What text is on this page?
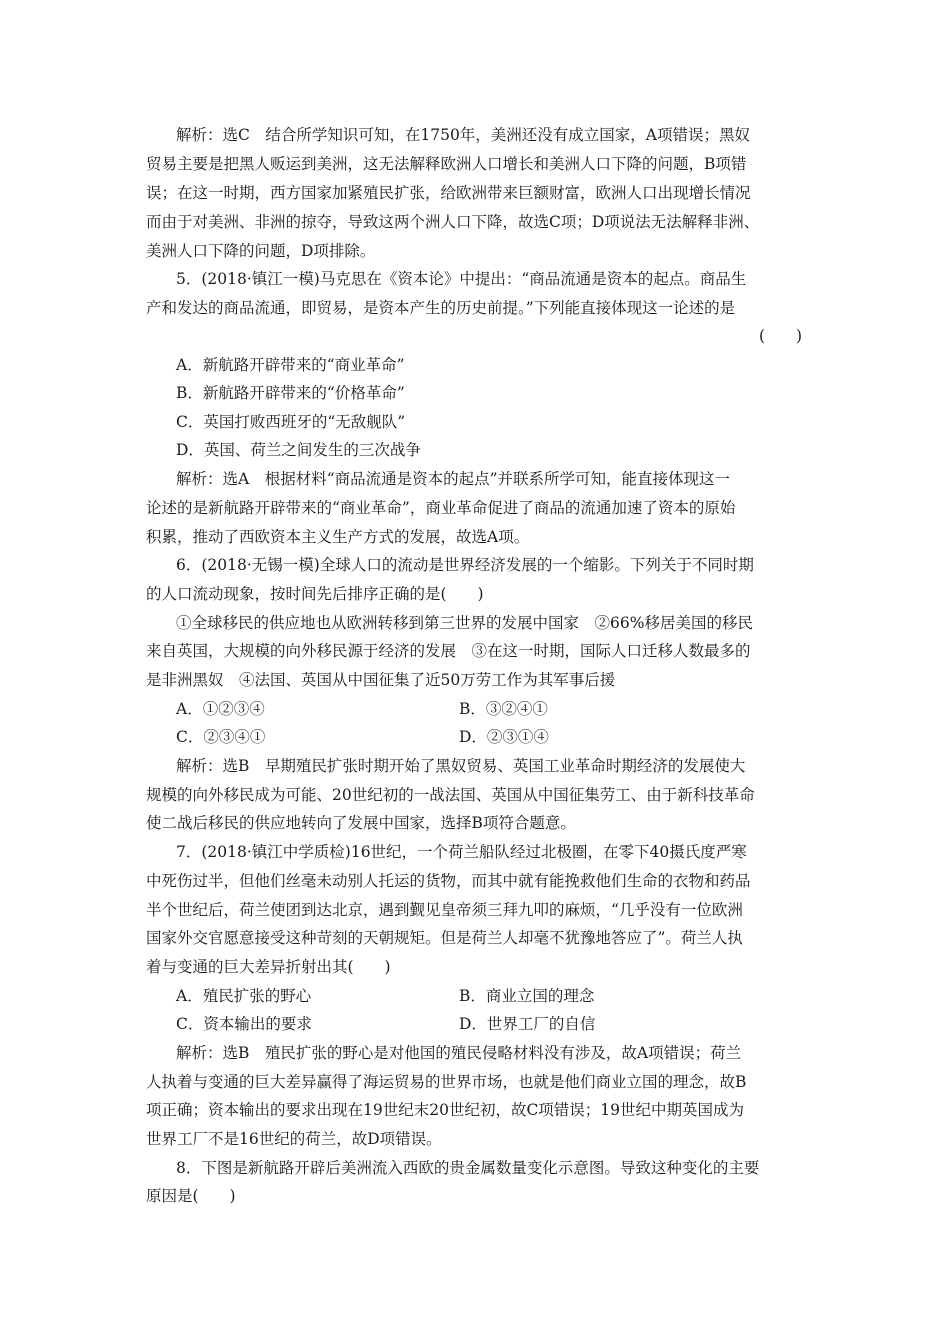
解析：选C　结合所学知识可知，在1750年，美洲还没有成立国家，A项错误；黑奴
贸易主要是把黑人贩运到美洲，这无法解释欧洲人口增长和美洲人口下降的问题，B项错
误；在这一时期，西方国家加紧殖民扩张，给欧洲带来巨额财富，欧洲人口出现增长情况
而由于对美洲、非洲的掠夺，导致这两个洲人口下降，故选C项；D项说法无法解释非洲、
美洲人口下降的问题，D项排除。
5．(2018·镇江一模)马克思在《资本论》中提出：“商品流通是资本的起点。商品生
产和发达的商品流通，即贸易，是资本产生的历史前提。”下列能直接体现这一论述的是
(　　)
A．新航路开辟带来的“商业革命”
B．新航路开辟带来的“价格革命”
C．英国打败西班牙的“无敌舰队”
D．英国、荷兰之间发生的三次战争
解析：选A　根据材料“商品流通是资本的起点”并联系所学可知，能直接体现这一
论述的是新航路开辟带来的“商业革命”，商业革命促进了商品的流通加速了资本的原始
积累，推动了西欧资本主义生产方式的发展，故选A项。
6．(2018·无锡一模)全球人口的流动是世界经济发展的一个缩影。下列关于不同时期
的人口流动现象，按时间先后排序正确的是(　　)
①全球移民的供应地也从欧洲转移到第三世界的发展中国家　②66%移居美国的移民
来自英国，大规模的向外移民源于经济的发展　③在这一时期，国际人口迁移人数最多的
是非洲黑奴　④法国、英国从中国征集了近50万劳工作为其军事后援
A．①②③④	B．③②④①
C．②③④①	D．②③①④
解析：选B　早期殖民扩张时期开始了黑奴贸易、英国工业革命时期经济的发展使大
规模的向外移民成为可能、20世纪初的一战法国、英国从中国征集劳工、由于新科技革命
使二战后移民的供应地转向了发展中国家，选择B项符合题意。
7．(2018·镇江中学质检)16世纪，一个荷兰船队经过北极圈，在零下40摄氏度严寒
中死伤过半，但他们丝毫未动别人托运的货物，而其中就有能挽救他们生命的衣物和药品
半个世纪后，荷兰使团到达北京，遇到觐见皇帝须三拜九叩的麻烦，“几乎没有一位欧洲
国家外交官愿意接受这种苛刻的天朝规矩。但是荷兰人却毫不犹豫地答应了”。荷兰人执
着与变通的巨大差异折射出其(　　)
A．殖民扩张的野心	B．商业立国的理念
C．资本输出的要求	D．世界工厂的自信
解析：选B　殖民扩张的野心是对他国的殖民侵略材料没有涉及，故A项错误；荷兰
人执着与变通的巨大差异赢得了海运贸易的世界市场，也就是他们商业立国的理念，故B
项正确；资本输出的要求出现在19世纪末20世纪初，故C项错误；19世纪中期英国成为
世界工厂不是16世纪的荷兰，故D项错误。
8．下图是新航路开辟后美洲流入西欧的贵金属数量变化示意图。导致这种变化的主要
原因是(　　)
